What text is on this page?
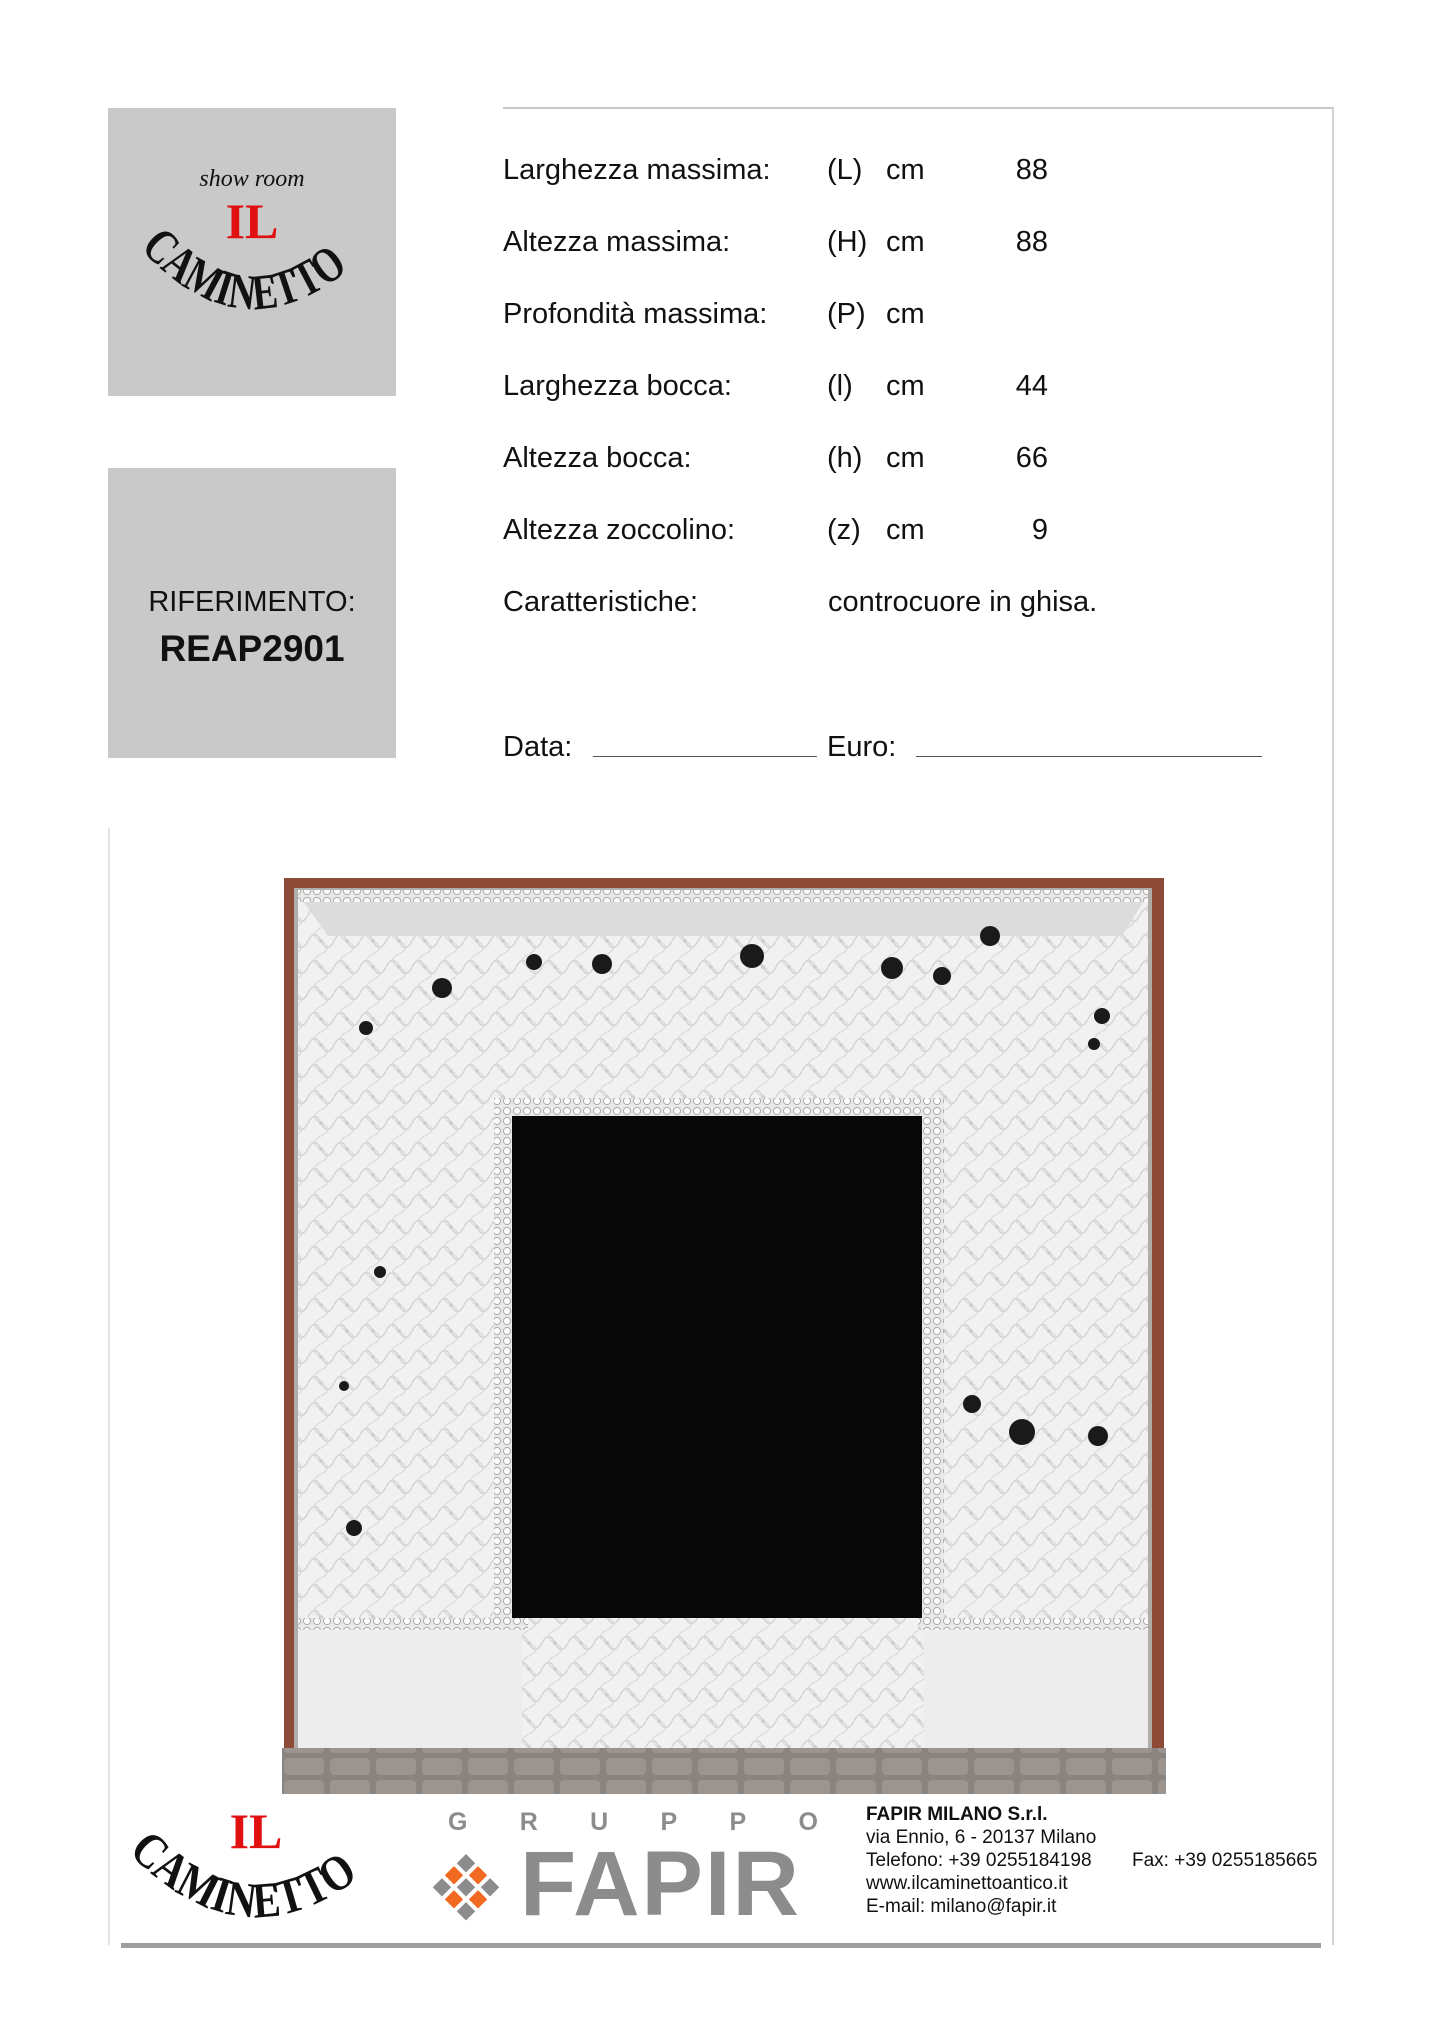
show room
IL
CAMINETTO
RIFERIMENTO:
REAP2901
Larghezza massima: (L) cm	88
Altezza massima:	(H) cm	88
Profondità massima: (P) cm
Larghezza bocca:	(l) cm	44
Altezza bocca:	(h) cm	66
Altezza zoccolino:	(z) cm	9
Caratteristiche:	controcuore in ghisa.
Data:	Euro:
IL
CAMINETTO
G R U P P O
FAPIR
FAPIR MILANO S.r.l.
via Ennio, 6 - 20137 Milano
Telefono: +39 0255184198
www.ilcaminettoantico.it
E-mail: milano@fapir.it
Fax: +39 0255185665
